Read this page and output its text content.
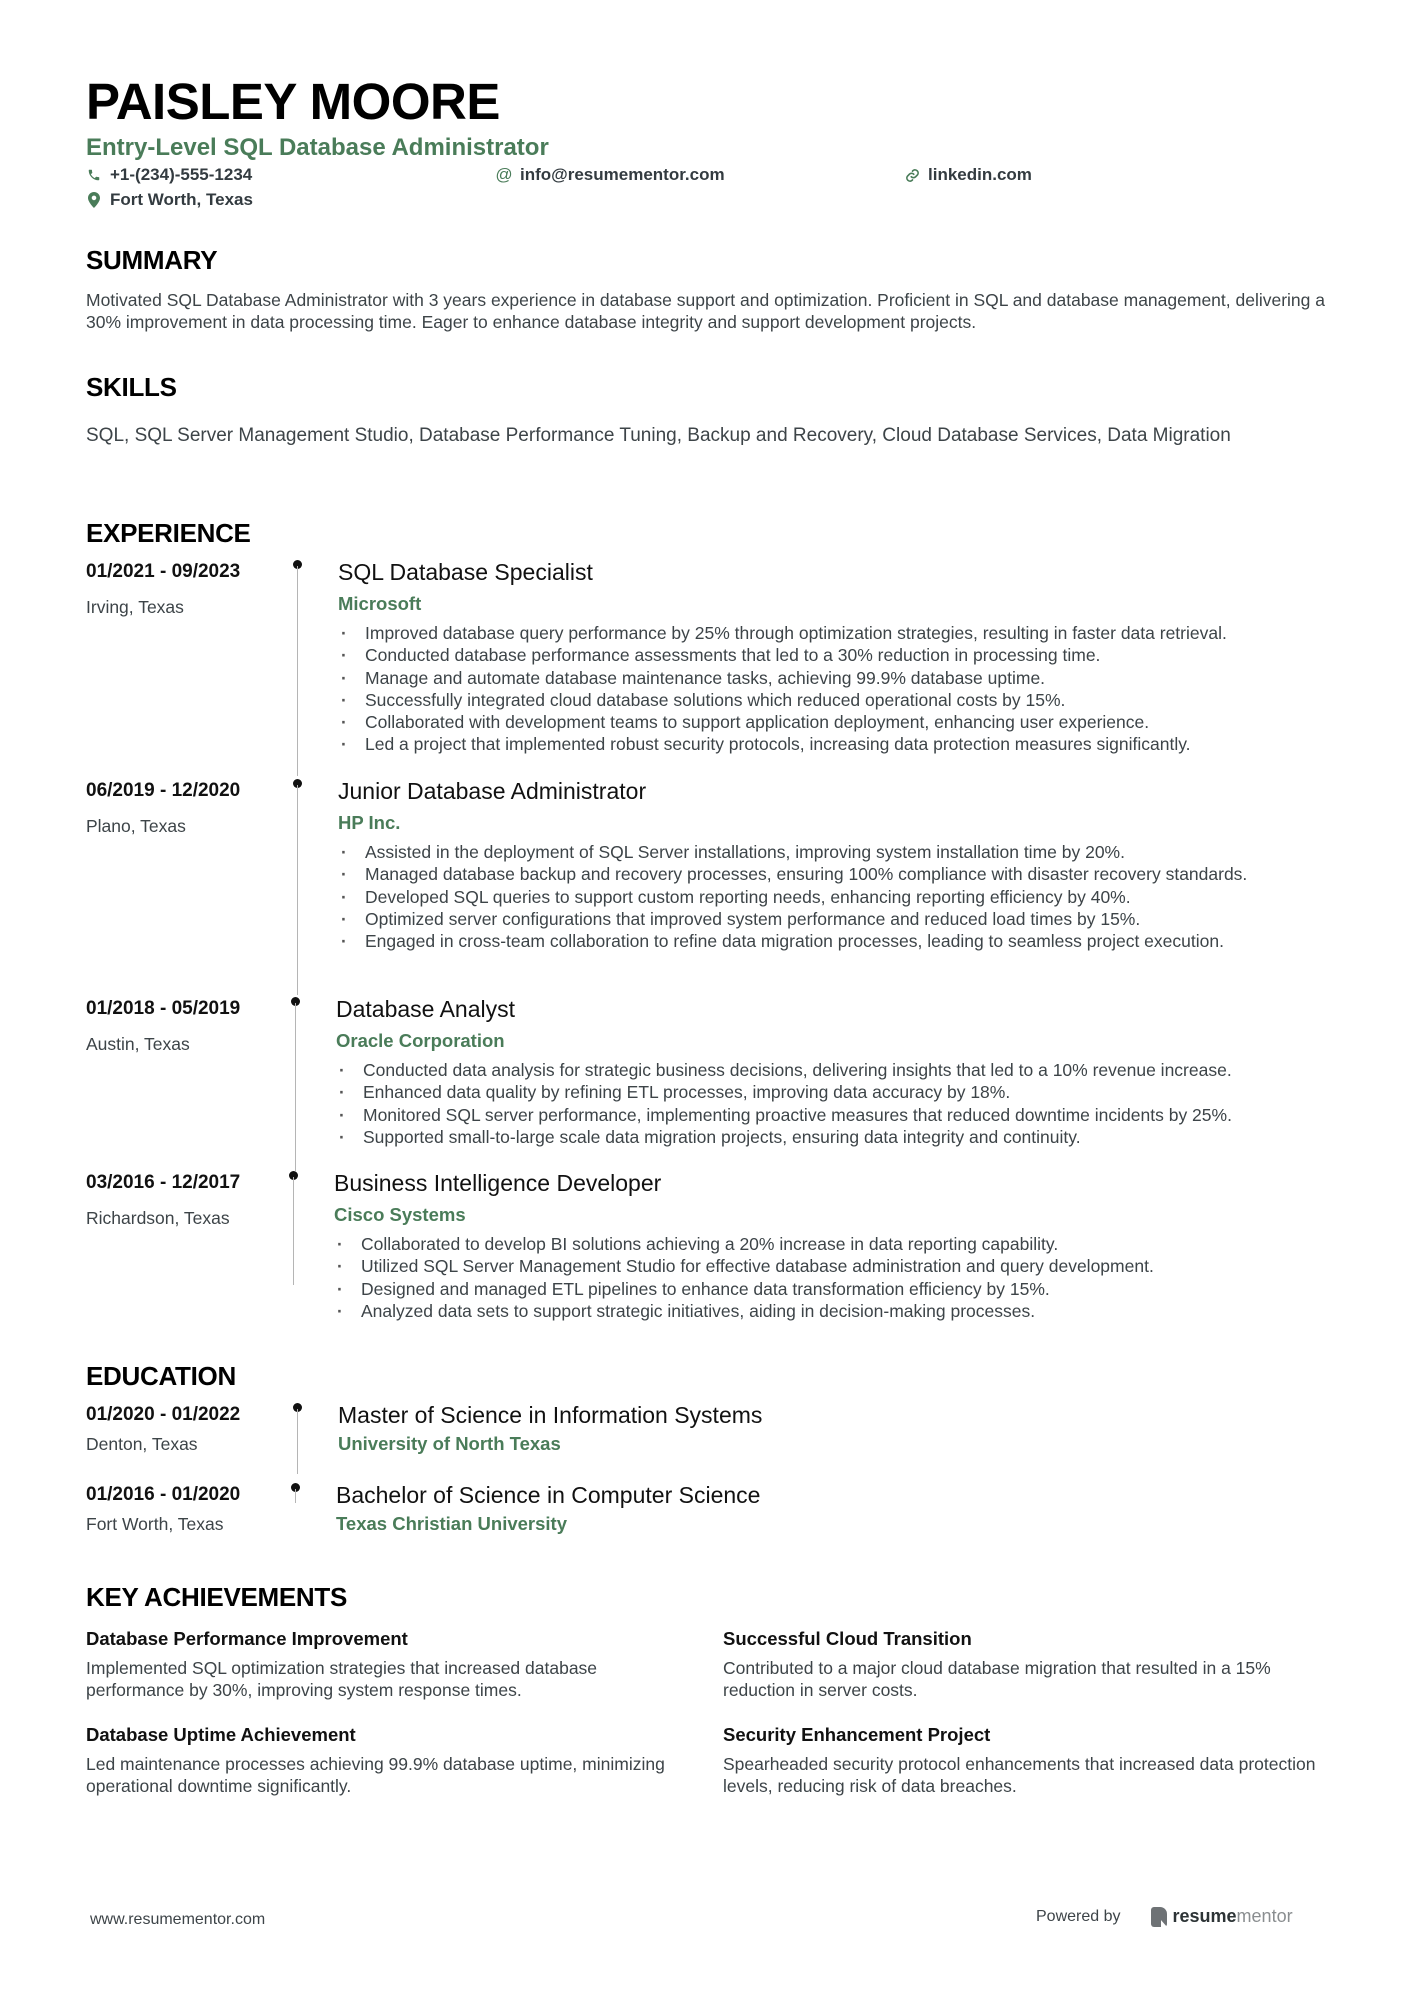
PAISLEY MOORE
Entry-Level SQL Database Administrator
+1-(234)-555-1234	@ info@resumementor.com	linkedin.com
Fort Worth, Texas
SUMMARY
Motivated SQL Database Administrator with 3 years experience in database support and optimization. Proficient in SQL and database management, delivering a 30% improvement in data processing time. Eager to enhance database integrity and support development projects.
SKILLS
SQL, SQL Server Management Studio, Database Performance Tuning, Backup and Recovery, Cloud Database Services, Data Migration
EXPERIENCE
01/2021 - 09/2023
Irving, Texas
SQL Database Specialist
Microsoft
· Improved database query performance by 25% through optimization strategies, resulting in faster data retrieval.
· Conducted database performance assessments that led to a 30% reduction in processing time.
· Manage and automate database maintenance tasks, achieving 99.9% database uptime.
· Successfully integrated cloud database solutions which reduced operational costs by 15%.
· Collaborated with development teams to support application deployment, enhancing user experience.
· Led a project that implemented robust security protocols, increasing data protection measures significantly.
06/2019 - 12/2020
Plano, Texas
Junior Database Administrator
HP Inc.
· Assisted in the deployment of SQL Server installations, improving system installation time by 20%.
· Managed database backup and recovery processes, ensuring 100% compliance with disaster recovery standards.
· Developed SQL queries to support custom reporting needs, enhancing reporting efficiency by 40%.
· Optimized server configurations that improved system performance and reduced load times by 15%.
· Engaged in cross-team collaboration to refine data migration processes, leading to seamless project execution.
01/2018 - 05/2019
Austin, Texas
Database Analyst
Oracle Corporation
· Conducted data analysis for strategic business decisions, delivering insights that led to a 10% revenue increase.
· Enhanced data quality by refining ETL processes, improving data accuracy by 18%.
· Monitored SQL server performance, implementing proactive measures that reduced downtime incidents by 25%.
· Supported small-to-large scale data migration projects, ensuring data integrity and continuity.
03/2016 - 12/2017
Richardson, Texas
Business Intelligence Developer
Cisco Systems
· Collaborated to develop BI solutions achieving a 20% increase in data reporting capability.
· Utilized SQL Server Management Studio for effective database administration and query development.
· Designed and managed ETL pipelines to enhance data transformation efficiency by 15%.
· Analyzed data sets to support strategic initiatives, aiding in decision-making processes.
EDUCATION
01/2020 - 01/2022
Denton, Texas
Master of Science in Information Systems
University of North Texas
01/2016 - 01/2020
Fort Worth, Texas
Bachelor of Science in Computer Science
Texas Christian University
KEY ACHIEVEMENTS
Database Performance Improvement
Implemented SQL optimization strategies that increased database performance by 30%, improving system response times.
Successful Cloud Transition
Contributed to a major cloud database migration that resulted in a 15% reduction in server costs.
Database Uptime Achievement
Led maintenance processes achieving 99.9% database uptime, minimizing operational downtime significantly.
Security Enhancement Project
Spearheaded security protocol enhancements that increased data protection levels, reducing risk of data breaches.
www.resumementor.com	Powered by	resumementor
